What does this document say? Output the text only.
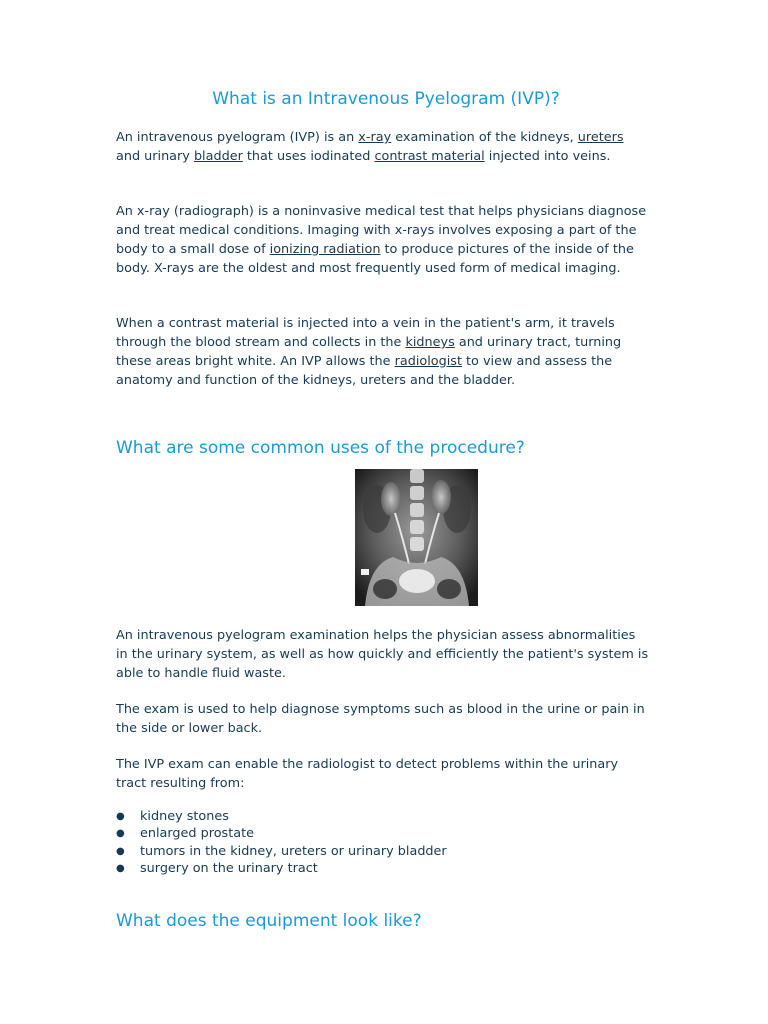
What is an Intravenous Pyelogram (IVP)?

An intravenous pyelogram (IVP) is an x-ray examination of the kidneys, ureters and urinary bladder that uses iodinated contrast material injected into veins.

An x-ray (radiograph) is a noninvasive medical test that helps physicians diagnose and treat medical conditions. Imaging with x-rays involves exposing a part of the body to a small dose of ionizing radiation to produce pictures of the inside of the body. X-rays are the oldest and most frequently used form of medical imaging.

When a contrast material is injected into a vein in the patient's arm, it travels through the blood stream and collects in the kidneys and urinary tract, turning these areas bright white. An IVP allows the radiologist to view and assess the anatomy and function of the kidneys, ureters and the bladder.

What are some common uses of the procedure?

An intravenous pyelogram examination helps the physician assess abnormalities in the urinary system, as well as how quickly and efficiently the patient's system is able to handle fluid waste.

The exam is used to help diagnose symptoms such as blood in the urine or pain in the side or lower back.

The IVP exam can enable the radiologist to detect problems within the urinary tract resulting from:

● kidney stones
● enlarged prostate
● tumors in the kidney, ureters or urinary bladder
● surgery on the urinary tract
What does the equipment look like?
